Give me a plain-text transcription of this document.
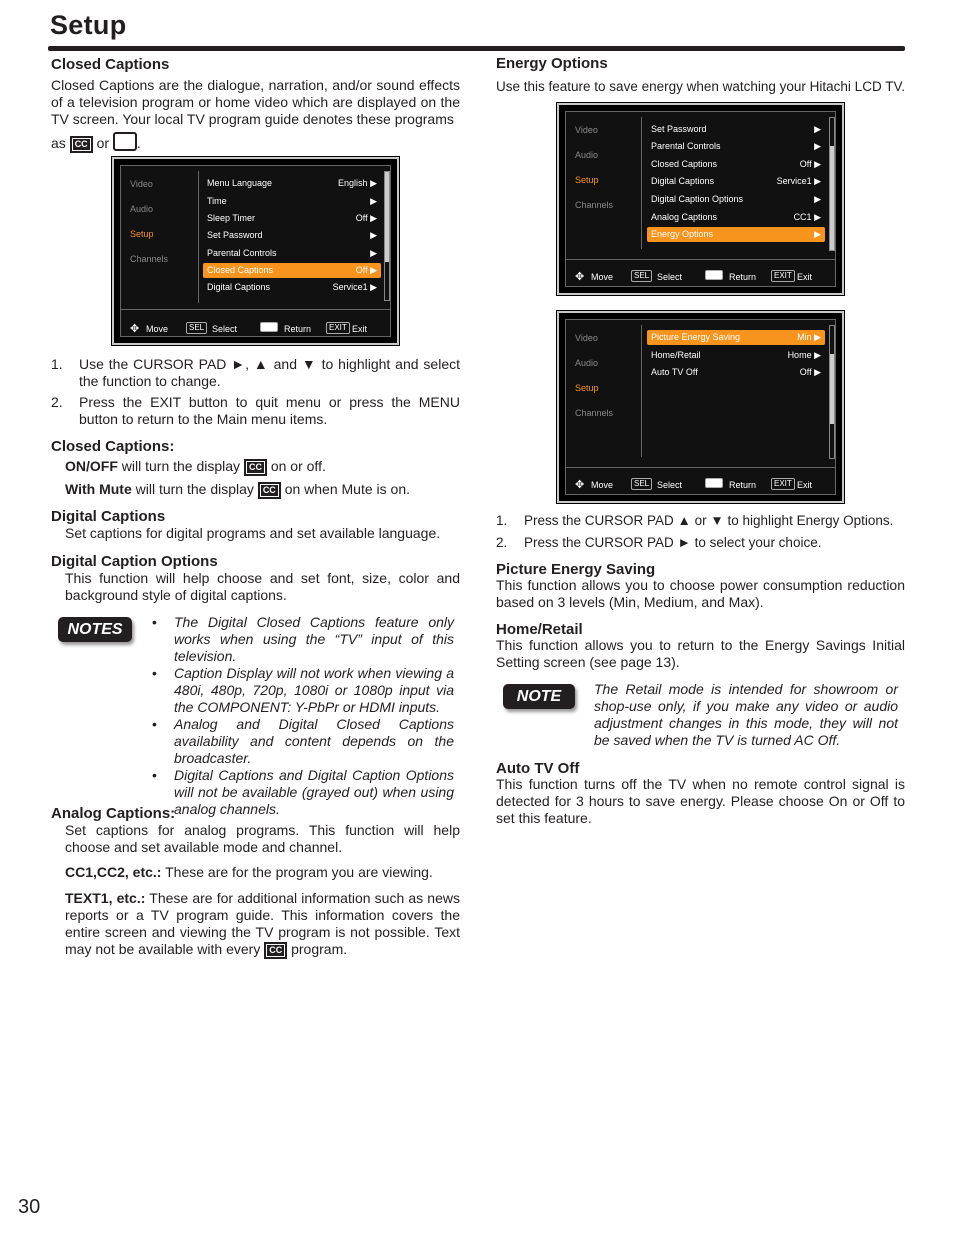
Setup
Closed Captions

Closed Captions are the dialogue, narration, and/or sound effects of a television program or home video which are displayed on the TV screen. Your local TV program guide denotes these programs

as CC or .

Video
Audio
Setup
Channels
Menu Language	English ▶
Time	▶
Sleep Timer	Off ▶
Set Password	▶
Parental Controls	▶
Closed Captions	Off ▶
Digital Captions	Service1 ▶
✥ Move	SEL Select	Return	EXIT Exit
1. Use the CURSOR PAD ►, ▲ and ▼ to highlight and select the function to change.
2. Press the EXIT button to quit menu or press the MENU button to return to the Main menu items.
Closed Captions:

ON/OFF will turn the display CC on or off.

With Mute will turn the display CC on when Mute is on.

Digital Captions

Set captions for digital programs and set available language.

Digital Caption Options

This function will help choose and set font, size, color and background style of digital captions.

NOTES	• The Digital Closed Captions feature only works when using the “TV” input of this television.
• Caption Display will not work when viewing a 480i, 480p, 720p, 1080i or 1080p input via the COMPONENT: Y-PbPr or HDMI inputs.
• Analog and Digital Closed Captions availability and content depends on the broadcaster.
• Digital Captions and Digital Caption Options will not be available (grayed out) when using analog channels.
Analog Captions:

Set captions for analog programs. This function will help choose and set available mode and channel.

CC1,CC2, etc.: These are for the program you are viewing.

TEXT1, etc.: These are for additional information such as news reports or a TV program guide. This information covers the entire screen and viewing the TV program is not possible. Text may not be available with every CC program.

Energy Options

Use this feature to save energy when watching your Hitachi LCD TV.

Video
Audio
Setup
Channels
Set Password	▶
Parental Controls	▶
Closed Captions	Off ▶
Digital Captions	Service1 ▶
Digital Caption Options	▶
Analog Captions	CC1 ▶
Energy Options	▶
✥ Move	SEL Select	Return	EXIT Exit
Video
Audio
Setup
Channels
Picture Energy Saving	Min ▶
Home/Retail	Home ▶
Auto TV Off	Off ▶
✥ Move	SEL Select	Return	EXIT Exit
1. Press the CURSOR PAD ▲ or ▼ to highlight Energy Options.
2. Press the CURSOR PAD ► to select your choice.
Picture Energy Saving

This function allows you to choose power consumption reduction based on 3 levels (Min, Medium, and Max).

Home/Retail

This function allows you to return to the Energy Savings Initial Setting screen (see page 13).

NOTE	The Retail mode is intended for showroom or shop-use only, if you make any video or audio adjustment changes in this mode, they will not be saved when the TV is turned AC Off.

Auto TV Off

This function turns off the TV when no remote control signal is detected for 3 hours to save energy. Please choose On or Off to set this feature.

30
